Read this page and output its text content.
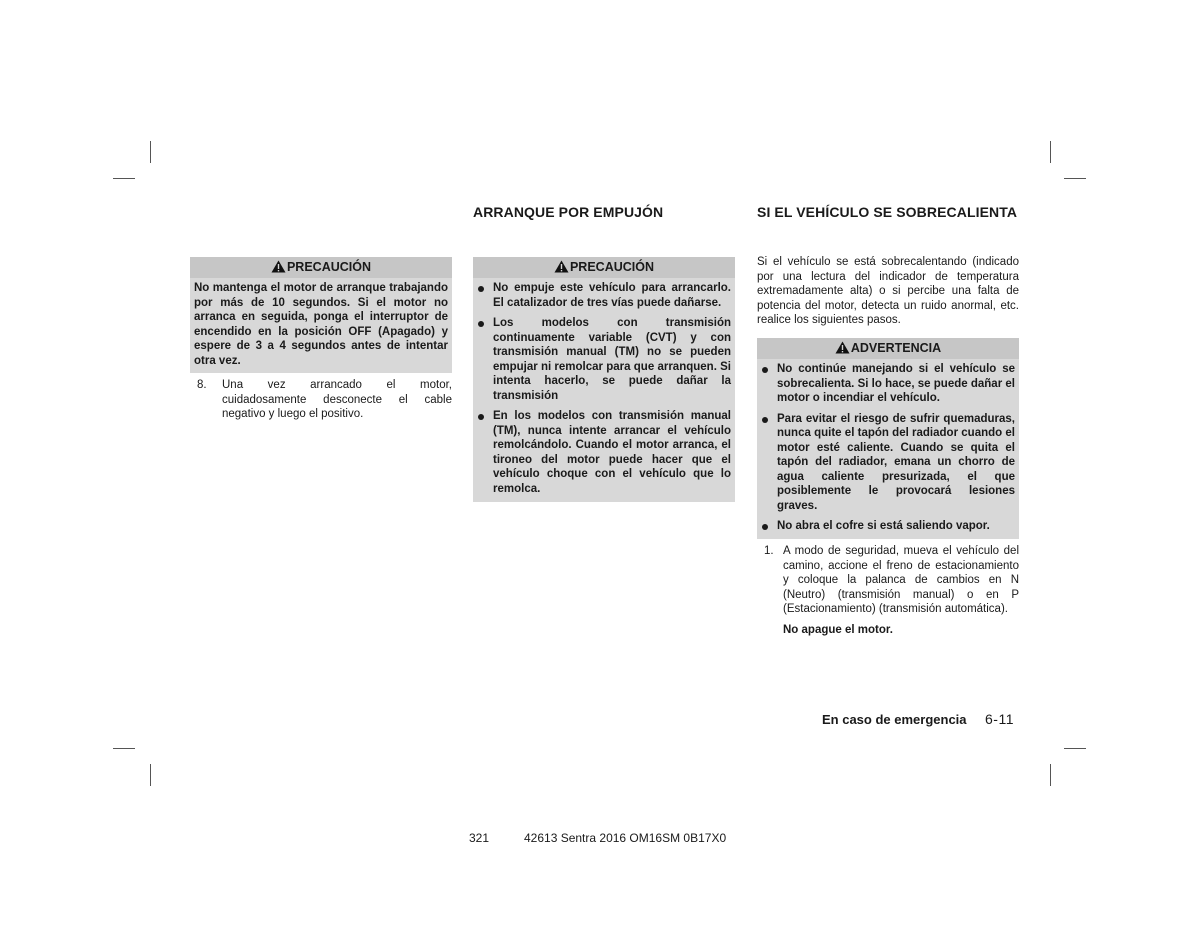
PRECAUCIÓN
No mantenga el motor de arranque trabajando por más de 10 segundos. Si el motor no arranca en seguida, ponga el interruptor de encendido en la posición OFF (Apagado) y espere de 3 a 4 segundos antes de intentar otra vez.
8. Una vez arrancado el motor, cuidadosamente desconecte el cable negativo y luego el positivo.
ARRANQUE POR EMPUJÓN
PRECAUCIÓN
No empuje este vehículo para arrancarlo. El catalizador de tres vías puede dañarse.
Los modelos con transmisión continuamente variable (CVT) y con transmisión manual (TM) no se pueden empujar ni remolcar para que arranquen. Si intenta hacerlo, se puede dañar la transmisión
En los modelos con transmisión manual (TM), nunca intente arrancar el vehículo remolcándolo. Cuando el motor arranca, el tironeo del motor puede hacer que el vehículo choque con el vehículo que lo remolca.
SI EL VEHÍCULO SE SOBRECALIENTA
Si el vehículo se está sobrecalentando (indicado por una lectura del indicador de temperatura extremadamente alta) o si percibe una falta de potencia del motor, detecta un ruido anormal, etc. realice los siguientes pasos.
ADVERTENCIA
No continúe manejando si el vehículo se sobrecalienta. Si lo hace, se puede dañar el motor o incendiar el vehículo.
Para evitar el riesgo de sufrir quemaduras, nunca quite el tapón del radiador cuando el motor esté caliente. Cuando se quita el tapón del radiador, emana un chorro de agua caliente presurizada, el que posiblemente le provocará lesiones graves.
No abra el cofre si está saliendo vapor.
1. A modo de seguridad, mueva el vehículo del camino, accione el freno de estacionamiento y coloque la palanca de cambios en N (Neutro) (transmisión manual) o en P (Estacionamiento) (transmisión automática).
No apague el motor.
En caso de emergencia 6-11
321	42613 Sentra 2016 OM16SM 0B17X0
